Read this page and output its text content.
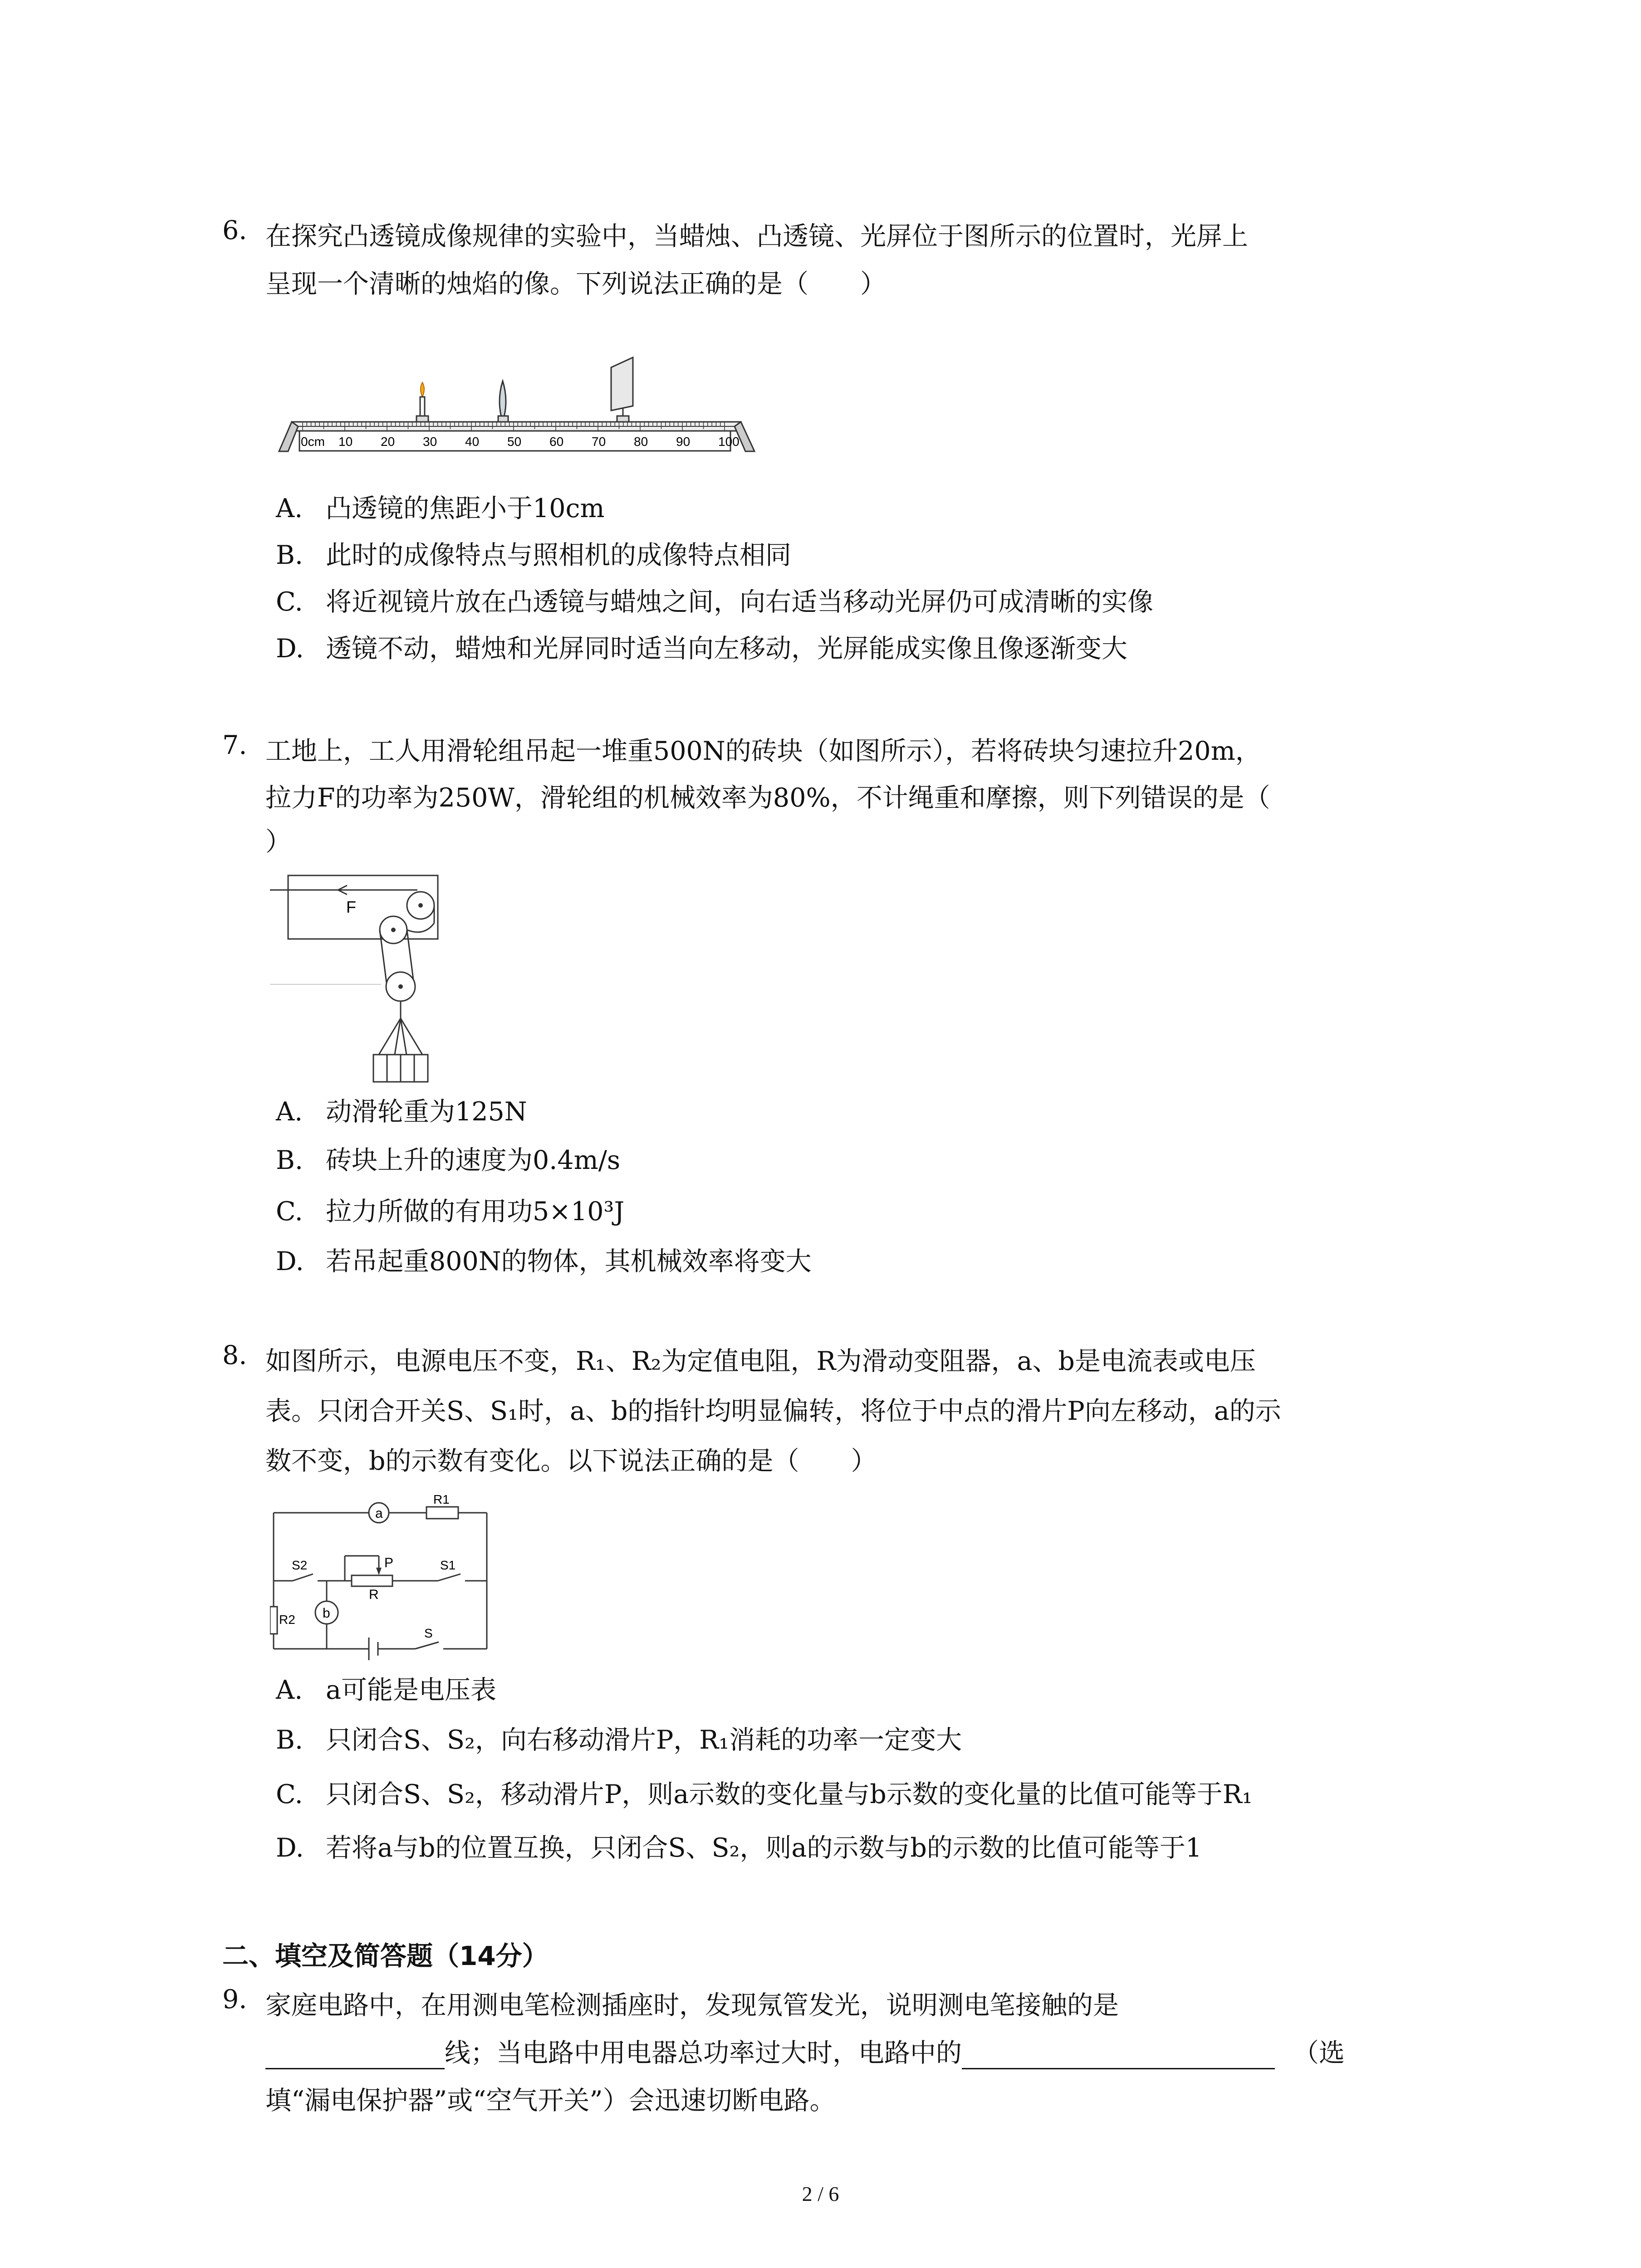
6. 在探究凸透镜成像规律的实验中，当蜡烛、凸透镜、光屏位于图所示的位置时，光屏上
呈现一个清晰的烛焰的像。下列说法正确的是（　　）
0cm 10 20 30 40 50 60 70 80 90 100
A. 凸透镜的焦距小于10cm
B. 此时的成像特点与照相机的成像特点相同
C. 将近视镜片放在凸透镜与蜡烛之间，向右适当移动光屏仍可成清晰的实像
D. 透镜不动，蜡烛和光屏同时适当向左移动，光屏能成实像且像逐渐变大
7. 工地上，工人用滑轮组吊起一堆重500N的砖块（如图所示），若将砖块匀速拉升20m，
拉力F的功率为250W，滑轮组的机械效率为80%，不计绳重和摩擦，则下列错误的是（
）
F
A. 动滑轮重为125N
B. 砖块上升的速度为0.4m/s
C. 拉力所做的有用功5×10³J
D. 若吊起重800N的物体，其机械效率将变大
8. 如图所示，电源电压不变，R₁、R₂为定值电阻，R为滑动变阻器，a、b是电流表或电压
表。只闭合开关S、S₁时，a、b的指针均明显偏转，将位于中点的滑片P向左移动，a的示
数不变，b的示数有变化。以下说法正确的是（　　）
a
b
R1
R2
S2	S1
S
P
R
A. a可能是电压表
B. 只闭合S、S₂，向右移动滑片P，R₁消耗的功率一定变大
C. 只闭合S、S₂，移动滑片P，则a示数的变化量与b示数的变化量的比值可能等于R₁
D. 若将a与b的位置互换，只闭合S、S₂，则a的示数与b的示数的比值可能等于1
二、填空及简答题（14分）
9. 家庭电路中，在用测电笔检测插座时，发现氖管发光，说明测电笔接触的是
线；当电路中用电器总功率过大时，电路中的	（选
填“漏电保护器”或“空气开关”）会迅速切断电路。
2 / 6
